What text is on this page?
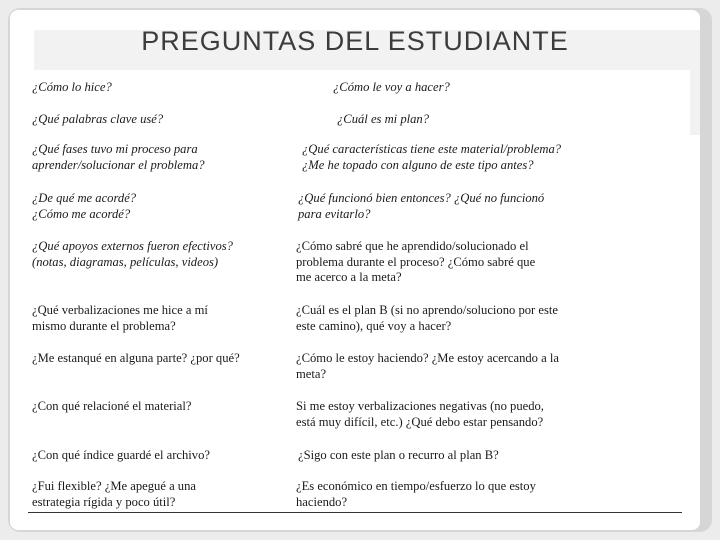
PREGUNTAS DEL ESTUDIANTE

¿Cómo lo hice?

¿Qué palabras clave usé?

¿Qué fases tuvo mi proceso para
aprender/solucionar el problema?

¿De qué me acordé?
¿Cómo me acordé?

¿Qué apoyos externos fueron efectivos?
(notas, diagramas, películas, videos)

¿Qué verbalizaciones me hice a mí
mismo durante el problema?

¿Me estanqué en alguna parte? ¿por qué?

¿Con qué relacioné el material?

¿Con qué índice guardé el archivo?

¿Fui flexible? ¿Me apegué a una
estrategia rígida y poco útil?

¿Cómo le voy a hacer?

¿Cuál es mi plan?

¿Qué características tiene este material/problema?
¿Me he topado con alguno de este tipo antes?

¿Qué funcionó bien entonces? ¿Qué no funcionó
para evitarlo?

¿Cómo sabré que he aprendido/solucionado el
problema durante el proceso? ¿Cómo sabré que
me acerco a la meta?

¿Cuál es el plan B (si no aprendo/soluciono por este
este camino), qué voy a hacer?

¿Cómo le estoy haciendo? ¿Me estoy acercando a la
meta?

Si me estoy verbalizaciones negativas (no puedo,
está muy difícil, etc.) ¿Qué debo estar pensando?

¿Sigo con este plan o recurro al plan B?

¿Es económico en tiempo/esfuerzo lo que estoy
haciendo?
